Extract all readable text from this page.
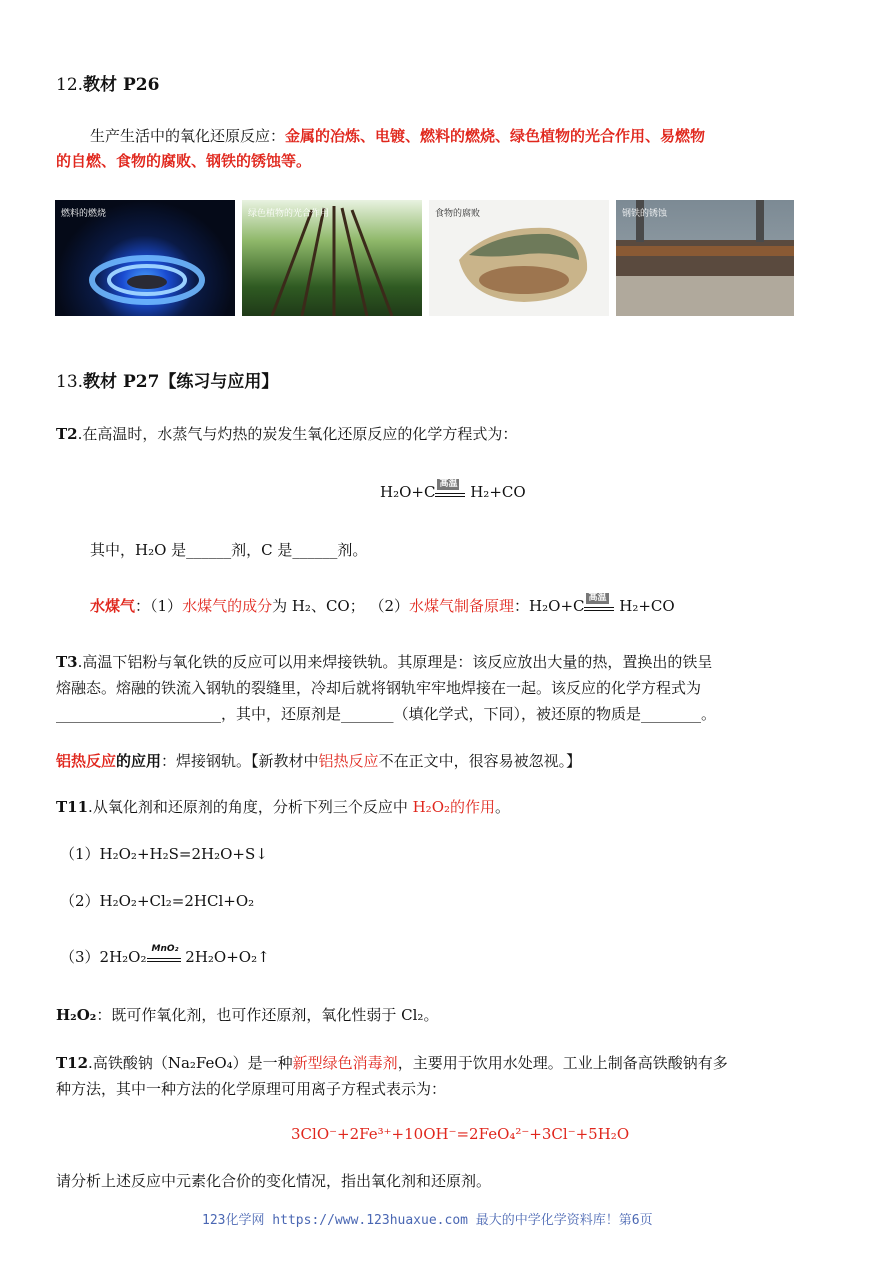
12.教材 P26
生产生活中的氧化还原反应：金属的冶炼、电镀、燃料的燃烧、绿色植物的光合作用、易燃物
的自燃、食物的腐败、钢铁的锈蚀等。
燃料的燃烧	绿色植物的光合作用	食物的腐败	钢铁的锈蚀
13.教材 P27【练习与应用】
T2.在高温时，水蒸气与灼热的炭发生氧化还原反应的化学方程式为：
H₂O+C 高温 H₂+CO
其中，H₂O 是______剂，C 是______剂。
水煤气：（1）水煤气的成分为 H₂、CO； （2）水煤气制备原理：H₂O+C 高温 H₂+CO
T3.高温下铝粉与氧化铁的反应可以用来焊接铁轨。其原理是：该反应放出大量的热，置换出的铁呈
熔融态。熔融的铁流入钢轨的裂缝里，冷却后就将钢轨牢牢地焊接在一起。该反应的化学方程式为
______________________，其中，还原剂是_______（填化学式，下同），被还原的物质是________。
铝热反应的应用：焊接钢轨。【新教材中铝热反应不在正文中，很容易被忽视。】
T11.从氧化剂和还原剂的角度，分析下列三个反应中 H₂O₂的作用。
（1）H₂O₂+H₂S=2H₂O+S↓
（2）H₂O₂+Cl₂=2HCl+O₂
（3）2H₂O₂ MnO₂ 2H₂O+O₂↑
H₂O₂：既可作氧化剂，也可作还原剂，氧化性弱于 Cl₂。
T12.高铁酸钠（Na₂FeO₄）是一种新型绿色消毒剂，主要用于饮用水处理。工业上制备高铁酸钠有多
种方法，其中一种方法的化学原理可用离子方程式表示为：
3ClO⁻+2Fe³⁺+10OH⁻=2FeO₄²⁻+3Cl⁻+5H₂O
请分析上述反应中元素化合价的变化情况，指出氧化剂和还原剂。
123化学网 https://www.123huaxue.com 最大的中学化学资料库！第6页
